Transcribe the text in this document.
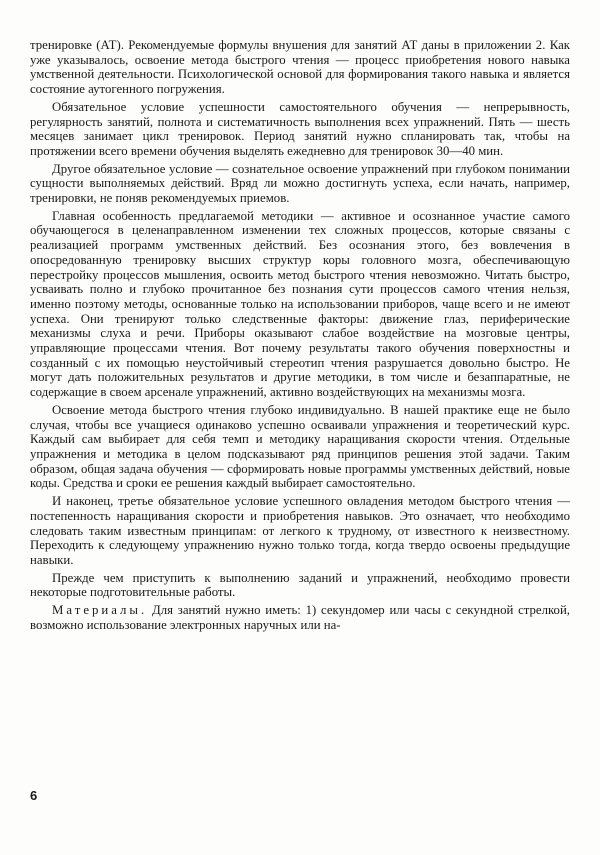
тренировке (АТ). Рекомендуемые формулы внушения для занятий АТ даны в приложении 2. Как уже указывалось, освоение метода быстрого чтения — процесс приобретения нового навыка умственной деятельности. Психологической основой для формирования такого навыка и является состояние аутогенного погружения.

Обязательное условие успешности самостоятельного обучения — непрерывность, регулярность занятий, полнота и систематичность выполнения всех упражнений. Пять — шесть месяцев занимает цикл тренировок. Период занятий нужно спланировать так, чтобы на протяжении всего времени обучения выделять ежедневно для тренировок 30—40 мин.

Другое обязательное условие — сознательное освоение упражнений при глубоком понимании сущности выполняемых действий. Вряд ли можно достигнуть успеха, если начать, например, тренировки, не поняв рекомендуемых приемов.

Главная особенность предлагаемой методики — активное и осознанное участие самого обучающегося в целенаправленном изменении тех сложных процессов, которые связаны с реализацией программ умственных действий. Без осознания этого, без вовлечения в опосредованную тренировку высших структур коры головного мозга, обеспечивающую перестройку процессов мышления, освоить метод быстрого чтения невозможно. Читать быстро, усваивать полно и глубоко прочитанное без познания сути процессов самого чтения нельзя, именно поэтому методы, основанные только на использовании приборов, чаще всего и не имеют успеха. Они тренируют только следственные факторы: движение глаз, периферические механизмы слуха и речи. Приборы оказывают слабое воздействие на мозговые центры, управляющие процессами чтения. Вот почему результаты такого обучения поверхностны и созданный с их помощью неустойчивый стереотип чтения разрушается довольно быстро. Не могут дать положительных результатов и другие методики, в том числе и безаппаратные, не содержащие в своем арсенале упражнений, активно воздействующих на механизмы мозга.

Освоение метода быстрого чтения глубоко индивидуально. В нашей практике еще не было случая, чтобы все учащиеся одинаково успешно осваивали упражнения и теоретический курс. Каждый сам выбирает для себя темп и методику наращивания скорости чтения. Отдельные упражнения и методика в целом подсказывают ряд принципов решения этой задачи. Таким образом, общая задача обучения — сформировать новые программы умственных действий, новые коды. Средства и сроки ее решения каждый выбирает самостоятельно.

И наконец, третье обязательное условие успешного овладения методом быстрого чтения — постепенность наращивания скорости и приобретения навыков. Это означает, что необходимо следовать таким известным принципам: от легкого к трудному, от известного к неизвестному. Переходить к следующему упражнению нужно только тогда, когда твердо освоены предыдущие навыки.

Прежде чем приступить к выполнению заданий и упражнений, необходимо провести некоторые подготовительные работы.

Материалы. Для занятий нужно иметь: 1) секундомер или часы с секундной стрелкой, возможно использование электронных наручных или на-

6
